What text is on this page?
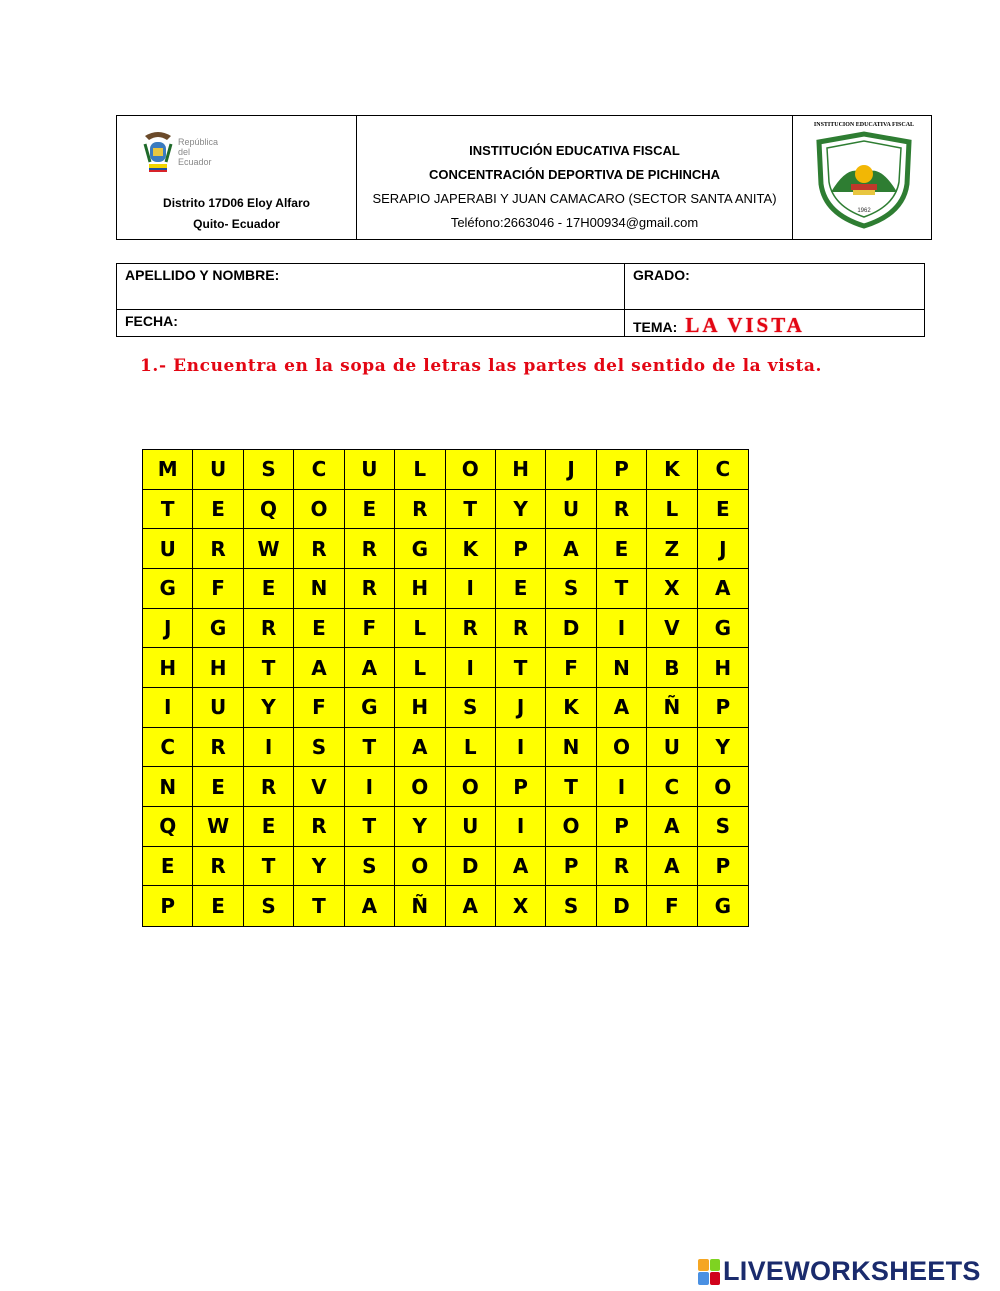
República del Ecuador
Distrito 17D06 Eloy Alfaro
Quito- Ecuador
INSTITUCIÓN EDUCATIVA FISCAL
CONCENTRACIÓN DEPORTIVA DE PICHINCHA
SERAPIO JAPERABI Y JUAN CAMACARO (SECTOR SANTA ANITA)
Teléfono:2663046 - 17H00934@gmail.com
INSTITUCION EDUCATIVA FISCAL
1962
APELLIDO Y NOMBRE:	GRADO:
FECHA:	TEMA: LA VISTA
1.- Encuentra en la sopa de letras las partes del sentido de la vista.
M	U	S	C	U	L	O	H	J	P	K	C
T	E	Q	O	E	R	T	Y	U	R	L	E
U	R	W	R	R	G	K	P	A	E	Z	J
G	F	E	N	R	H	I	E	S	T	X	A
J	G	R	E	F	L	R	R	D	I	V	G
H	H	T	A	A	L	I	T	F	N	B	H
I	U	Y	F	G	H	S	J	K	A	Ñ	P
C	R	I	S	T	A	L	I	N	O	U	Y
N	E	R	V	I	O	O	P	T	I	C	O
Q	W	E	R	T	Y	U	I	O	P	A	S
E	R	T	Y	S	O	D	A	P	R	A	P
P	E	S	T	A	Ñ	A	X	S	D	F	G
LIVEWORKSHEETS
